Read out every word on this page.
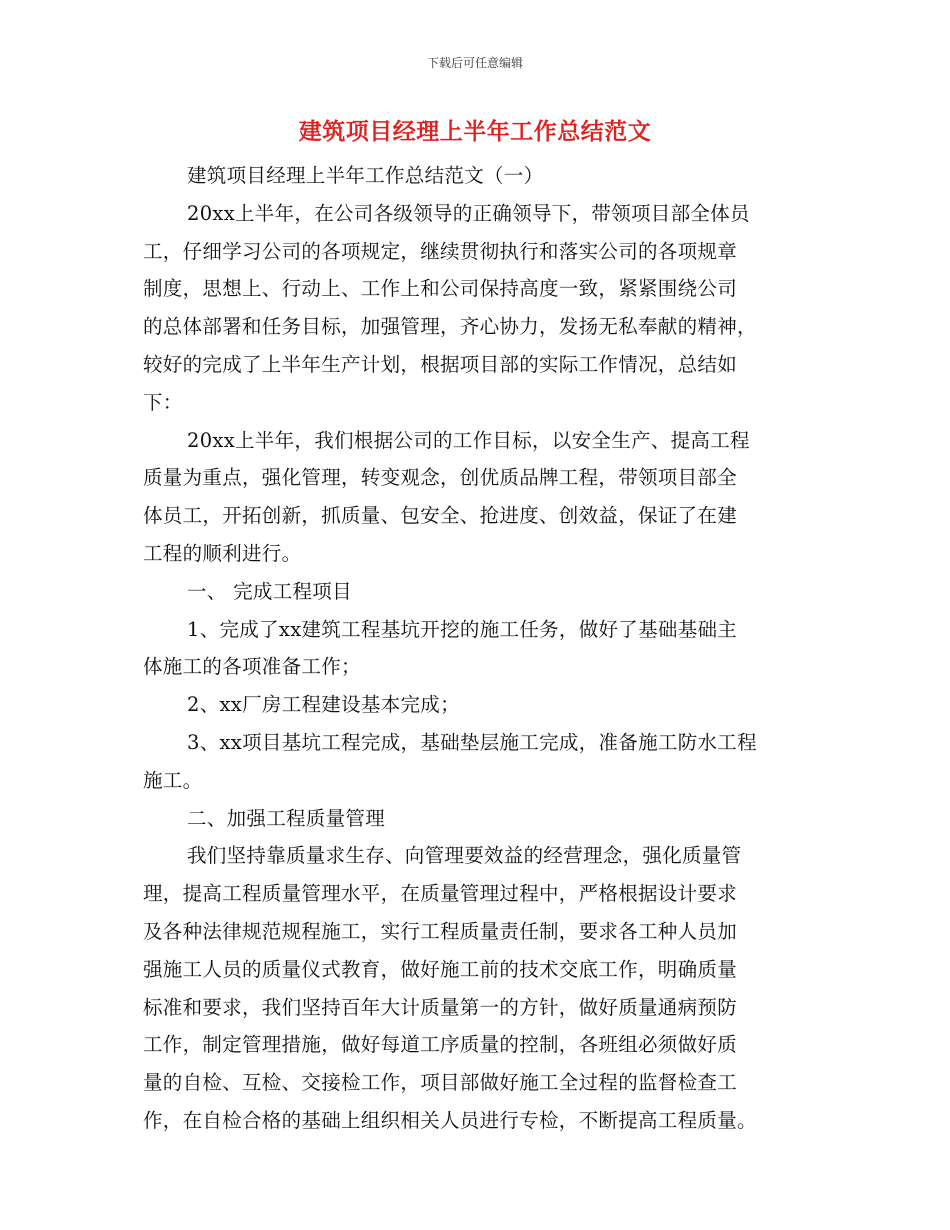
下载后可任意编辑
建筑项目经理上半年工作总结范文
建筑项目经理上半年工作总结范文（一）
20xx上半年，在公司各级领导的正确领导下，带领项目部全体员
工，仔细学习公司的各项规定，继续贯彻执行和落实公司的各项规章
制度，思想上、行动上、工作上和公司保持高度一致，紧紧围绕公司
的总体部署和任务目标，加强管理，齐心协力，发扬无私奉献的精神，
较好的完成了上半年生产计划，根据项目部的实际工作情况，总结如
下：
20xx上半年，我们根据公司的工作目标，以安全生产、提高工程
质量为重点，强化管理，转变观念，创优质品牌工程，带领项目部全
体员工，开拓创新，抓质量、包安全、抢进度、创效益，保证了在建
工程的顺利进行。
一、 完成工程项目
1、完成了xx建筑工程基坑开挖的施工任务，做好了基础基础主
体施工的各项准备工作；
2、xx厂房工程建设基本完成；
3、xx项目基坑工程完成，基础垫层施工完成，准备施工防水工程
施工。
二、加强工程质量管理
我们坚持靠质量求生存、向管理要效益的经营理念，强化质量管
理，提高工程质量管理水平，在质量管理过程中，严格根据设计要求
及各种法律规范规程施工，实行工程质量责任制，要求各工种人员加
强施工人员的质量仪式教育，做好施工前的技术交底工作，明确质量
标准和要求，我们坚持百年大计质量第一的方针，做好质量通病预防
工作，制定管理措施，做好每道工序质量的控制，各班组必须做好质
量的自检、互检、交接检工作，项目部做好施工全过程的监督检查工
作，在自检合格的基础上组织相关人员进行专检，不断提高工程质量。
